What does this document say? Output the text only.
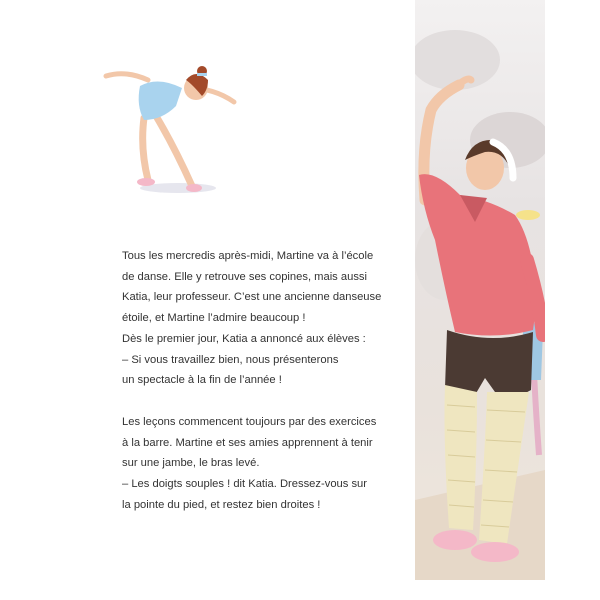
Tous les mercredis après-midi, Martine va à l’école

de danse. Elle y retrouve ses copines, mais aussi

Katia, leur professeur. C’est une ancienne danseuse

étoile, et Martine l’admire beaucoup !

Dès le premier jour, Katia a annoncé aux élèves :

– Si vous travaillez bien, nous présenterons

un spectacle à la fin de l’année !

Les leçons commencent toujours par des exercices

à la barre. Martine et ses amies apprennent à tenir

sur une jambe, le bras levé.

– Les doigts souples ! dit Katia. Dressez-vous sur

la pointe du pied, et restez bien droites !
